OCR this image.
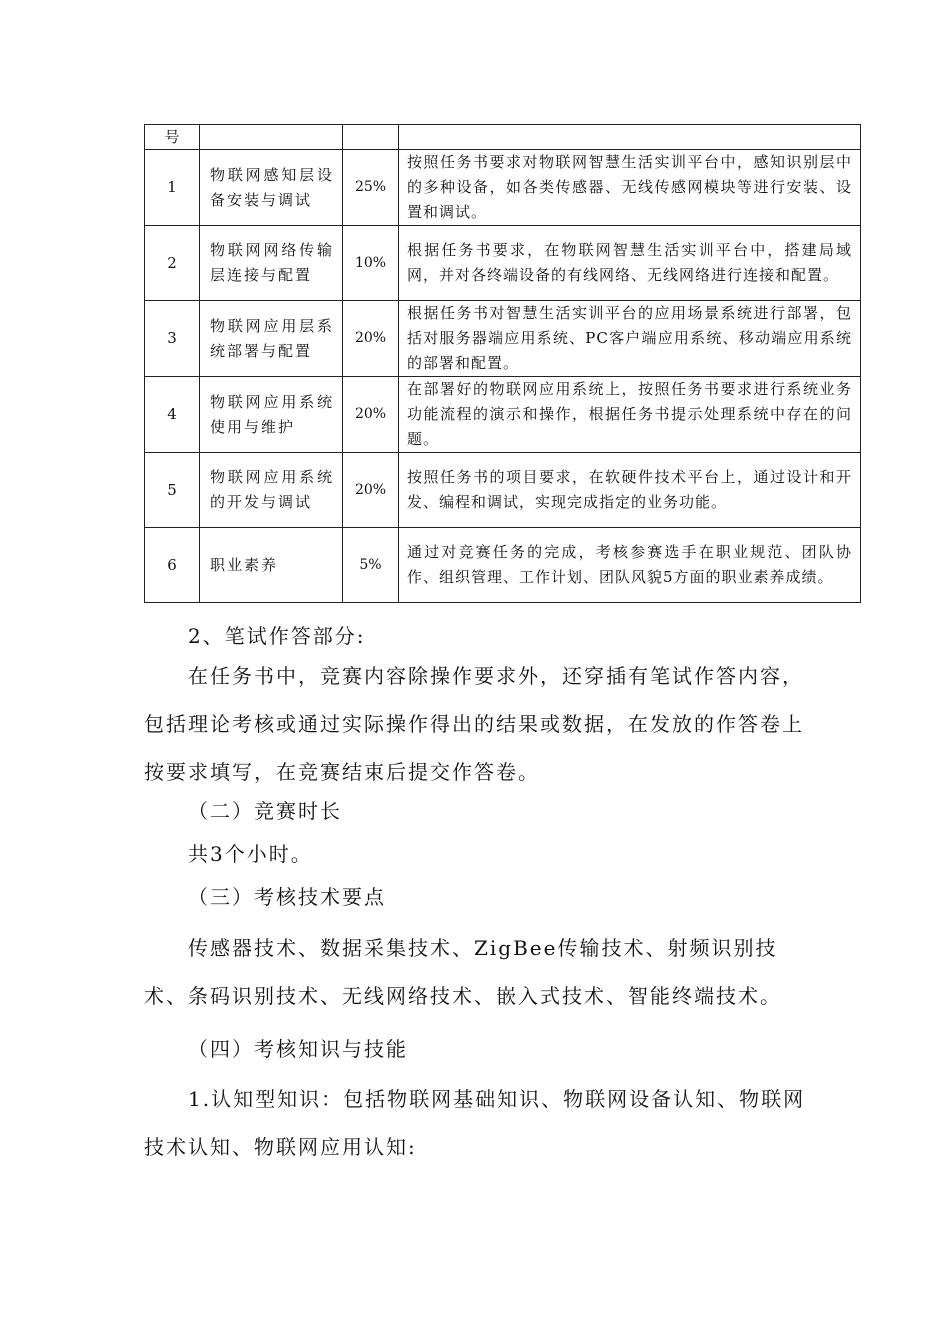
号			
1	物联网感知层设备安装与调试	25%	按照任务书要求对物联网智慧生活实训平台中，感知识别层中的多种设备，如各类传感器、无线传感网模块等进行安装、设置和调试。
2	物联网网络传输层连接与配置	10%	根据任务书要求，在物联网智慧生活实训平台中，搭建局域网，并对各终端设备的有线网络、无线网络进行连接和配置。
3	物联网应用层系统部署与配置	20%	根据任务书对智慧生活实训平台的应用场景系统进行部署，包括对服务器端应用系统、PC客户端应用系统、移动端应用系统的部署和配置。
4	物联网应用系统使用与维护	20%	在部署好的物联网应用系统上，按照任务书要求进行系统业务功能流程的演示和操作，根据任务书提示处理系统中存在的问题。
5	物联网应用系统的开发与调试	20%	按照任务书的项目要求，在软硬件技术平台上，通过设计和开发、编程和调试，实现完成指定的业务功能。
6	职业素养	5%	通过对竞赛任务的完成，考核参赛选手在职业规范、团队协作、组织管理、工作计划、团队风貌5方面的职业素养成绩。

2、笔试作答部分:

在任务书中，竞赛内容除操作要求外，还穿插有笔试作答内容，包括理论考核或通过实际操作得出的结果或数据，在发放的作答卷上按要求填写，在竞赛结束后提交作答卷。

（二）竞赛时长

共3个小时。

（三）考核技术要点

传感器技术、数据采集技术、ZigBee传输技术、射频识别技术、条码识别技术、无线网络技术、嵌入式技术、智能终端技术。

（四）考核知识与技能

1.认知型知识：包括物联网基础知识、物联网设备认知、物联网技术认知、物联网应用认知:
